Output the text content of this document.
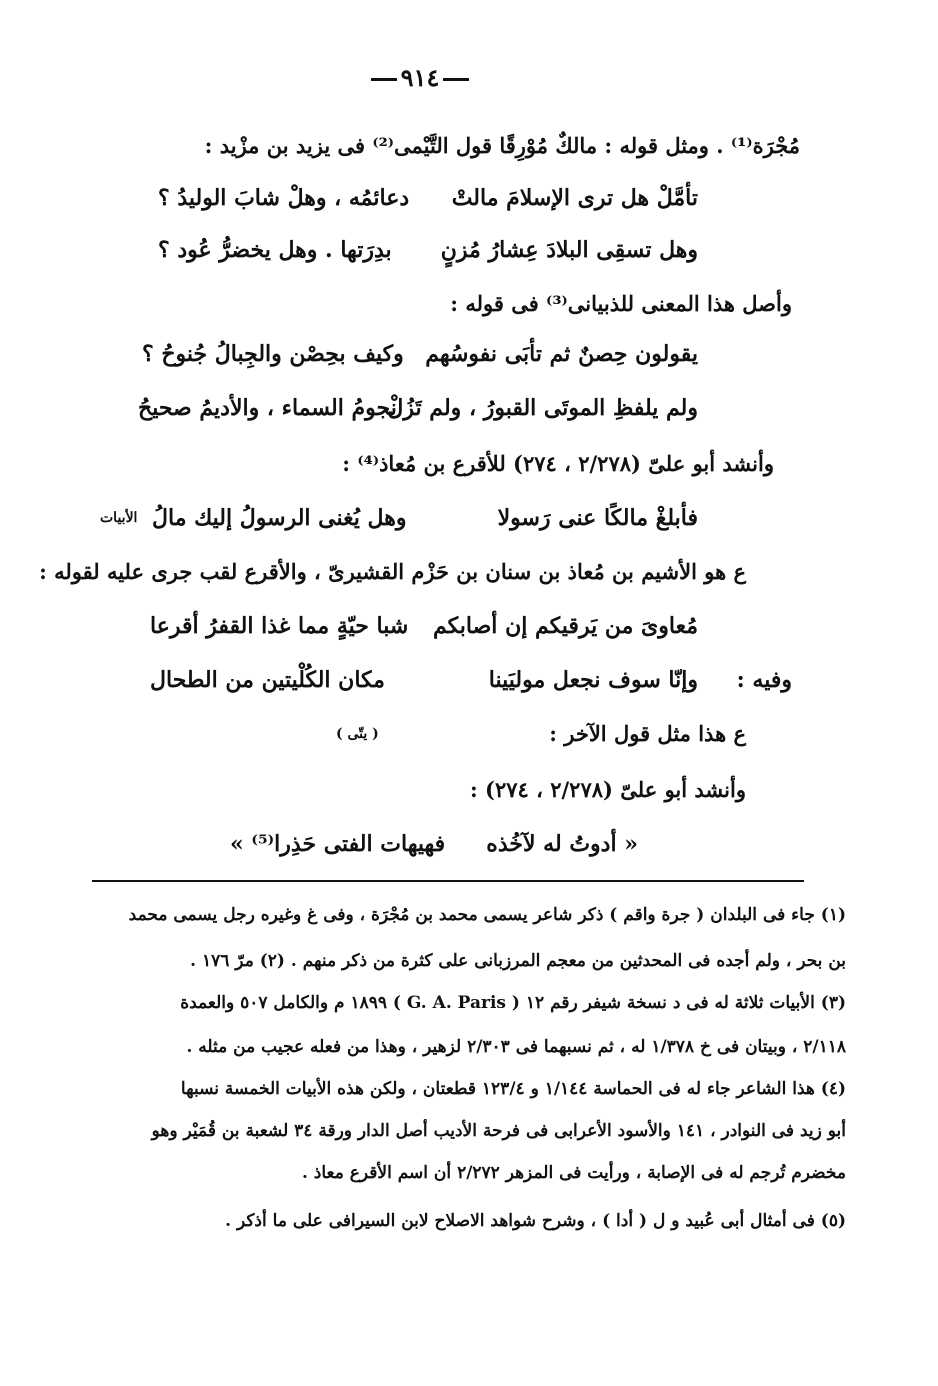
٩١٤
مُجْرَة⁽¹⁾ . ومثل قوله : مالكٌ مُوْرِقًا قول التَّيْمى⁽²⁾ فى يزيد بن مزْيد :
تأمَّلْ هل ترى الإسلامَ مالتْ
دعائمُه ، وهلْ شابَ الوليدُ ؟
وهل تسقِى البلادَ عِشارُ مُزنٍ
بدِرَتها . وهل يخضرُّ عُود ؟
وأصل هذا المعنى للذبيانى⁽³⁾ فى قوله :
يقولون حِصنٌ ثم تأبَى نفوسُهم
وكيف بحِصْن والجِبالُ جُنوحُ ؟
ولم يلفظِ الموتَى القبورُ ، ولم تَزُلْ
نجومُ السماء ، والأديمُ صحيحُ
وأنشد أبو علىّ (٢/٢٧٨ ، ٢٧٤) للأقرع بن مُعاذ⁽⁴⁾ :
فأبلغْ مالكًا عنى رَسولا
وهل يُغنى الرسولُ إليك مالُ
الأبيات
ع هو الأشيم بن مُعاذ بن سنان بن حَزْم القشيرىّ ، والأقرع لقب جرى عليه لقوله :
مُعاوىَ من يَرقيكم إن أصابكم
شبا حيّةٍ مما غذا القفرُ أقرعا
وفيه :
وإنّا سوف نجعل موليَينا
مكان الكُلْيتين من الطحال
ع هذا مثل قول الآخر :
( يتّى )
وأنشد أبو علىّ (٢/٢٧٨ ، ٢٧٤) :
« أدوتُ له لآخُذه
فهيهات الفتى حَذِرا⁽⁵⁾ »
(١) جاء فى البلدان ( جرة واقم ) ذكر شاعر يسمى محمد بن مُجْرَة ، وفى غ وغيره رجل يسمى محمد
بن بحر ، ولم أجده فى المحدثين من معجم المرزبانى على كثرة من ذكر منهم . (٢) مرّ ١٧٦ .
(٣) الأبيات ثلاثة له فى د نسخة شيفر رقم ١٢ ( G. A. Paris ) ١٨٩٩ م والكامل ٥٠٧ والعمدة
٢/١١٨ ، وبيتان فى خ ١/٣٧٨ له ، ثم نسبهما فى ٢/٣٠٣ لزهير ، وهذا من فعله عجيب من مثله .
(٤) هذا الشاعر جاء له فى الحماسة ١/١٤٤ و ١٢٣/٤ قطعتان ، ولكن هذه الأبيات الخمسة نسبها
أبو زيد فى النوادر ، ١٤١ والأسود الأعرابى فى فرحة الأديب أصل الدار ورقة ٣٤ لشعبة بن قُمَيْر وهو
مخضرم تُرجم له فى الإصابة ، ورأيت فى المزهر ٢/٢٧٢ أن اسم الأقرع معاذ .
(٥) فى أمثال أبى عُبيد و ل ( أدا ) ، وشرح شواهد الاصلاح لابن السيرافى على ما أذكر .
